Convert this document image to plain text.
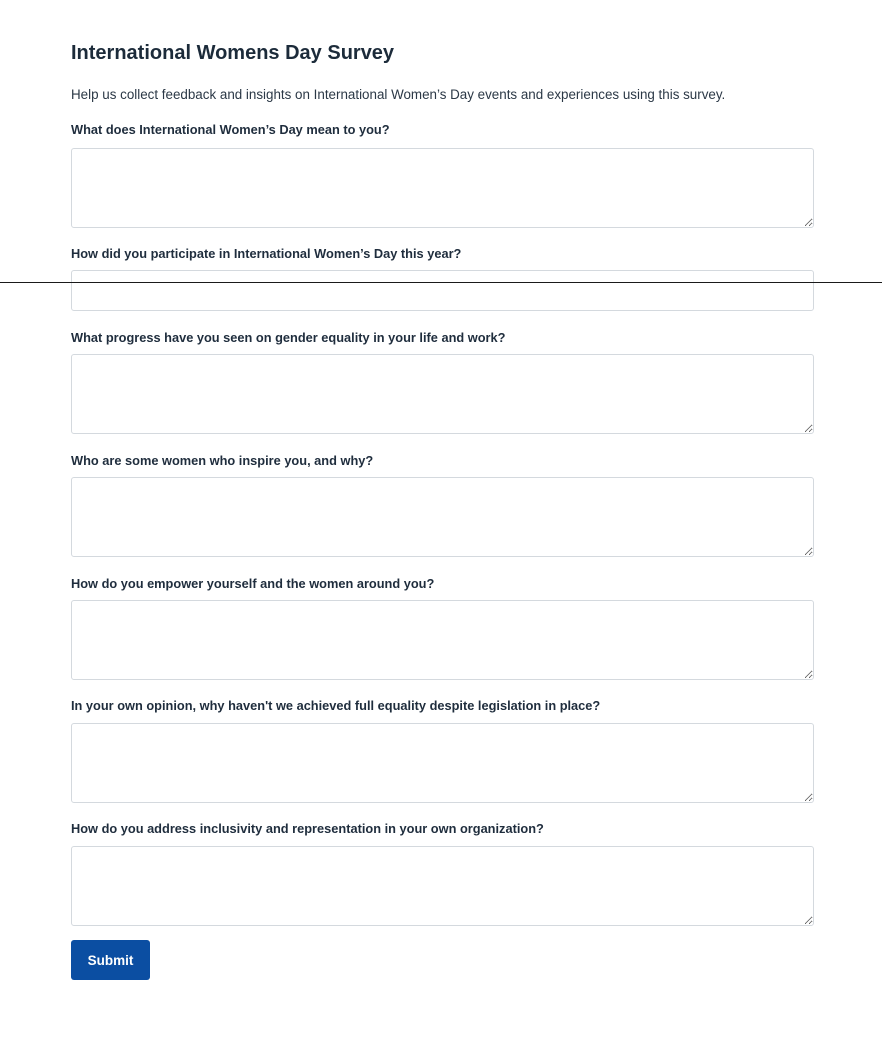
International Womens Day Survey

Help us collect feedback and insights on International Women’s Day events and experiences using this survey.

What does International Women’s Day mean to you?
How did you participate in International Women’s Day this year?
What progress have you seen on gender equality in your life and work?
Who are some women who inspire you, and why?
How do you empower yourself and the women around you?
In your own opinion, why haven't we achieved full equality despite legislation in place?
How do you address inclusivity and representation in your own organization?
Submit
